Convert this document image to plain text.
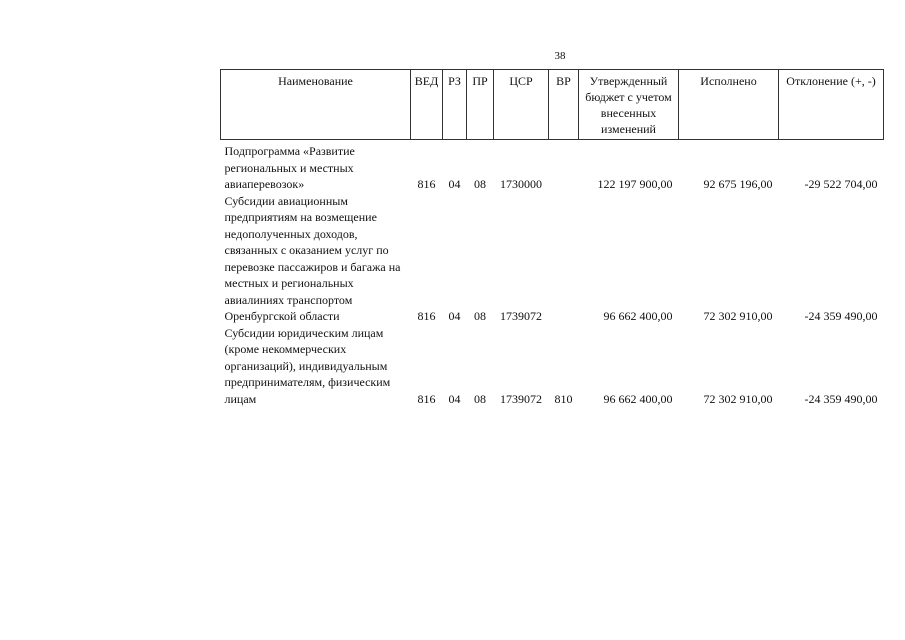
38
Наименование	ВЕД	РЗ	ПР	ЦСР	ВР	Утвержденный бюджет с учетом внесенных изменений	Исполнено	Отклонение (+, -)
Подпрограмма «Развитие региональных и местных авиаперевозок»	816	04	08	1730000		122 197 900,00	92 675 196,00	-29 522 704,00
Субсидии авиационным предприятиям на возмещение недополученных доходов, связанных с оказанием услуг по перевозке пассажиров и багажа на местных и региональных авиалиниях транспортом Оренбургской области	816	04	08	1739072		96 662 400,00	72 302 910,00	-24 359 490,00
Субсидии юридическим лицам (кроме некоммерческих организаций), индивидуальным предпринимателям, физическим лицам	816	04	08	1739072	810	96 662 400,00	72 302 910,00	-24 359 490,00
